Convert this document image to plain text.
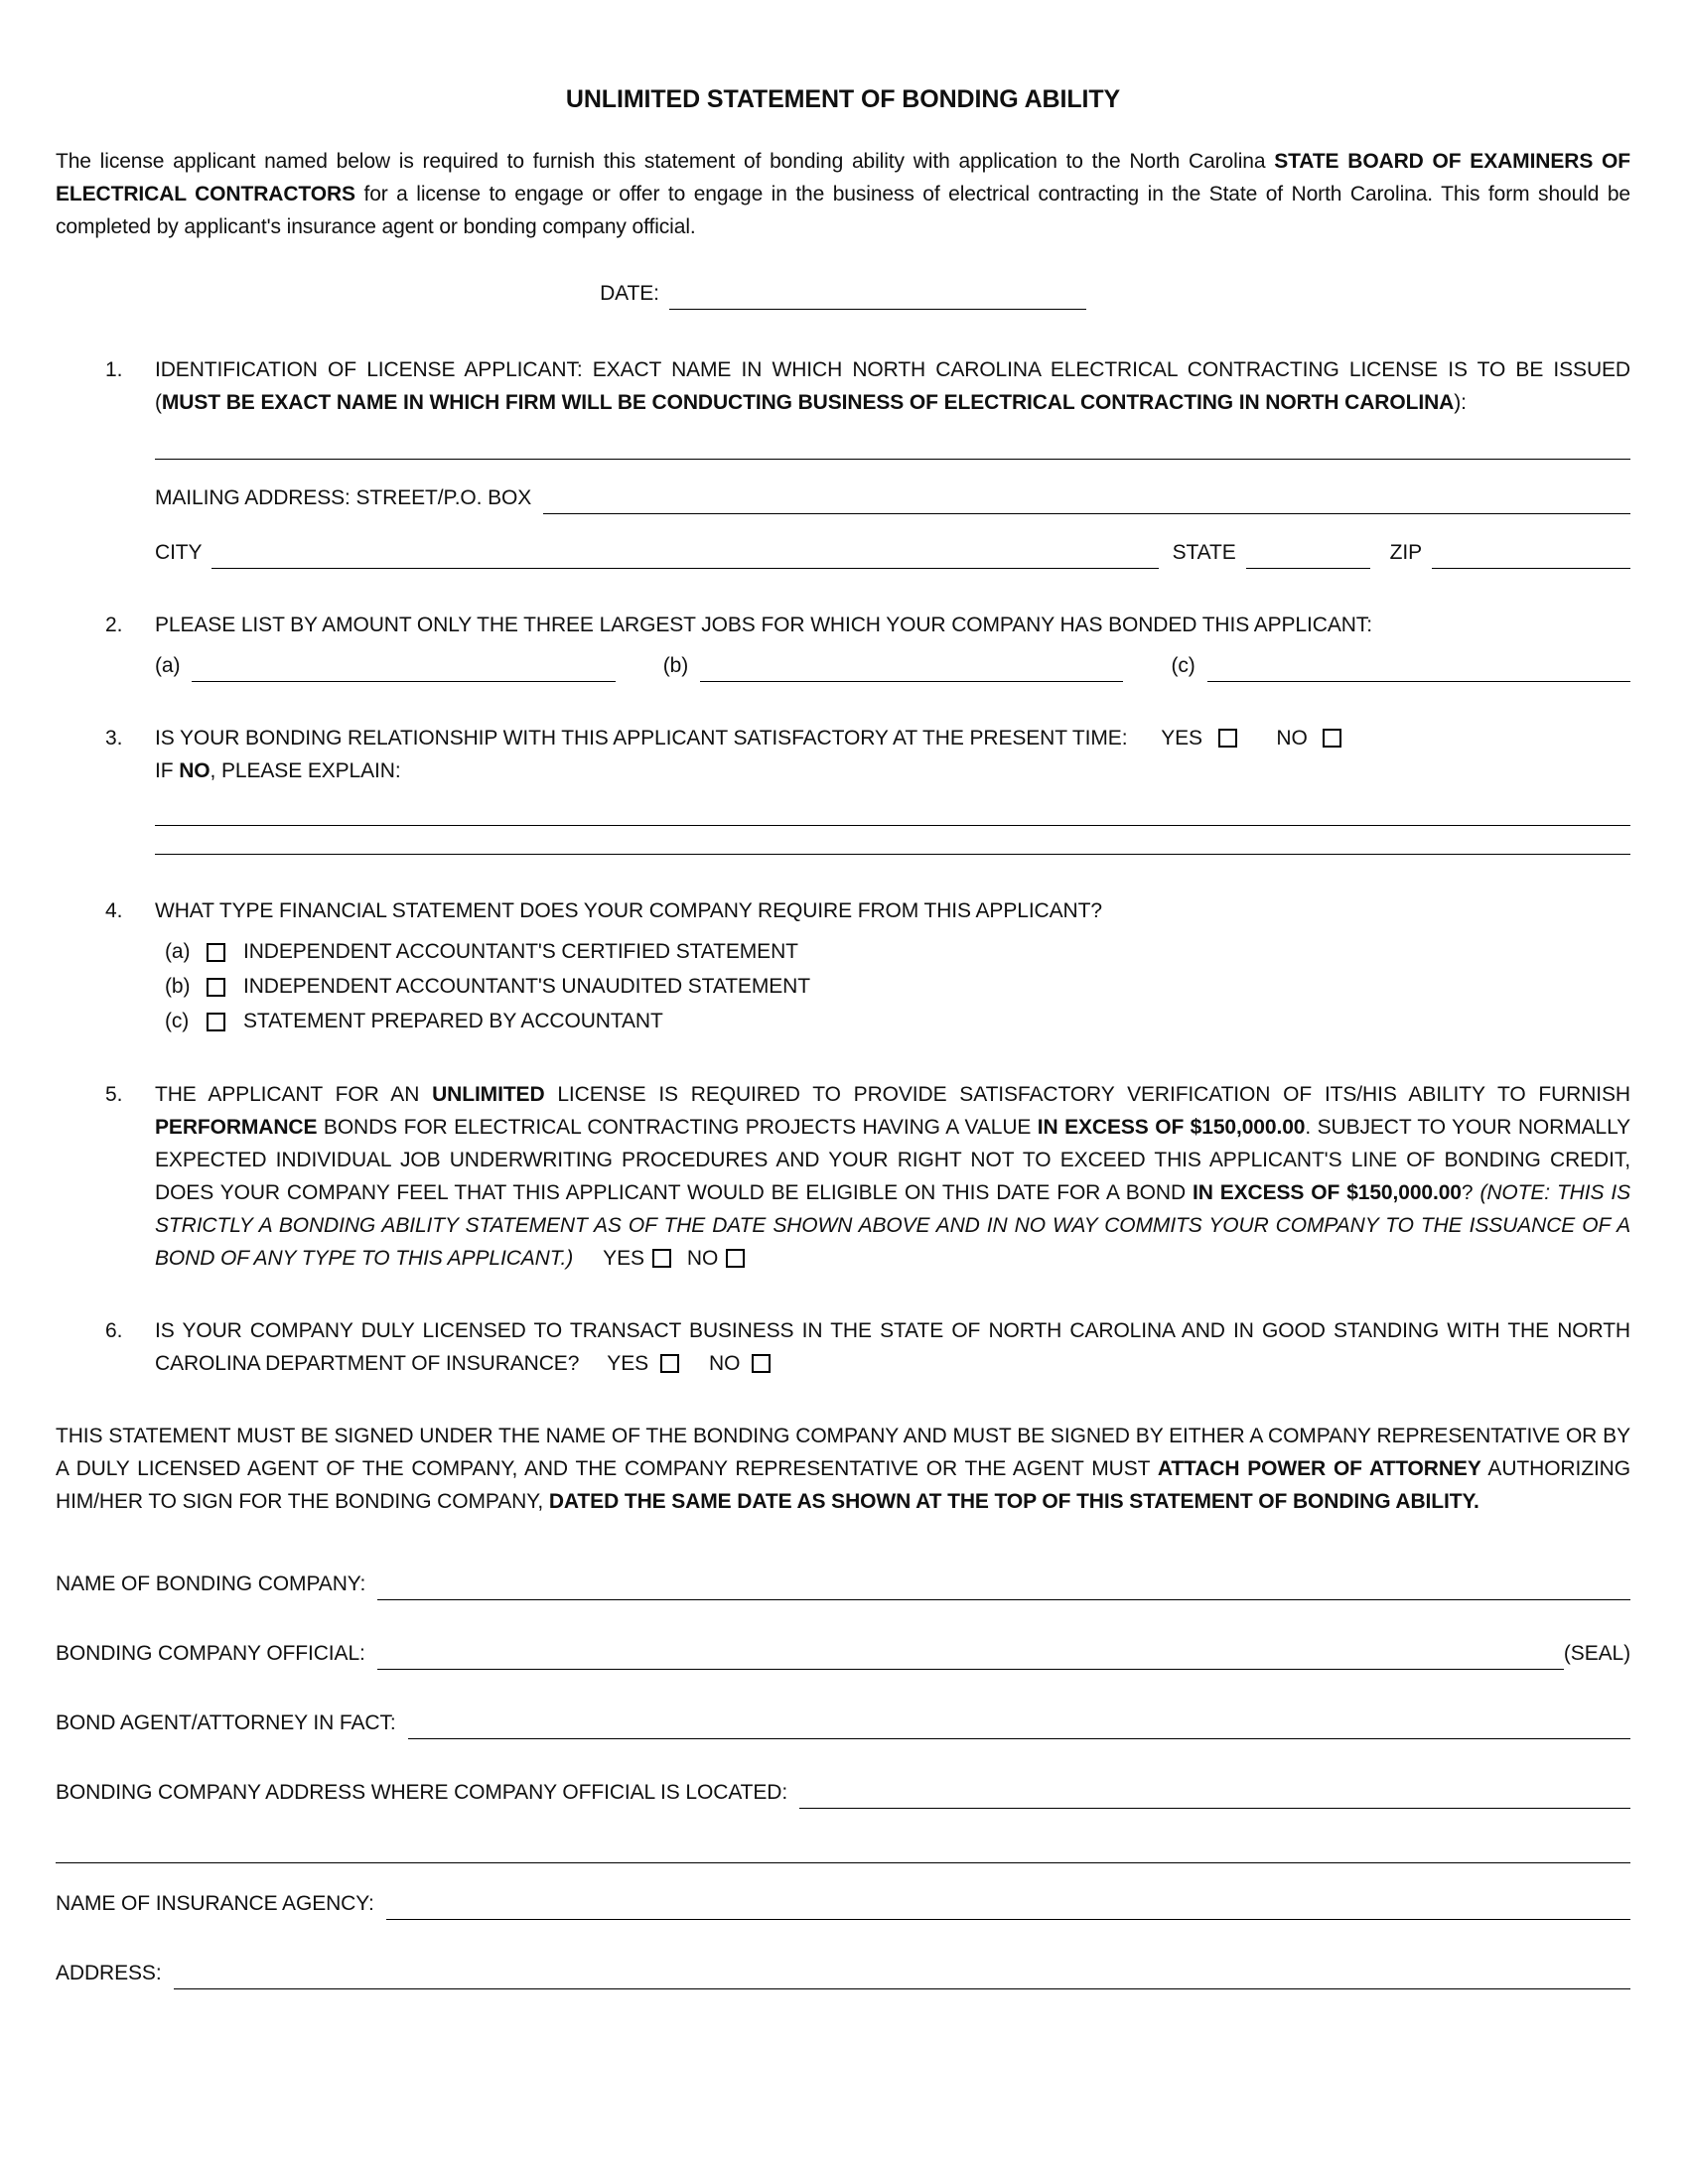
UNLIMITED STATEMENT OF BONDING ABILITY

The license applicant named below is required to furnish this statement of bonding ability with application to the North Carolina STATE BOARD OF EXAMINERS OF ELECTRICAL CONTRACTORS for a license to engage or offer to engage in the business of electrical contracting in the State of North Carolina. This form should be completed by applicant's insurance agent or bonding company official.

DATE:
1.	IDENTIFICATION OF LICENSE APPLICANT: EXACT NAME IN WHICH NORTH CAROLINA ELECTRICAL CONTRACTING LICENSE IS TO BE ISSUED (MUST BE EXACT NAME IN WHICH FIRM WILL BE CONDUCTING BUSINESS OF ELECTRICAL CONTRACTING IN NORTH CAROLINA):

MAILING ADDRESS: STREET/P.O. BOX
CITY	STATE	ZIP
2.	PLEASE LIST BY AMOUNT ONLY THE THREE LARGEST JOBS FOR WHICH YOUR COMPANY HAS BONDED THIS APPLICANT:

(a)	(b)	(c)
3.	IS YOUR BONDING RELATIONSHIP WITH THIS APPLICANT SATISFACTORY AT THE PRESENT TIME: YES	NO
IF NO, PLEASE EXPLAIN:
4.	WHAT TYPE FINANCIAL STATEMENT DOES YOUR COMPANY REQUIRE FROM THIS APPLICANT?

(a)	INDEPENDENT ACCOUNTANT'S CERTIFIED STATEMENT
(b)	INDEPENDENT ACCOUNTANT'S UNAUDITED STATEMENT
(c)	STATEMENT PREPARED BY ACCOUNTANT
5.	THE APPLICANT FOR AN UNLIMITED LICENSE IS REQUIRED TO PROVIDE SATISFACTORY VERIFICATION OF ITS/HIS ABILITY TO FURNISH PERFORMANCE BONDS FOR ELECTRICAL CONTRACTING PROJECTS HAVING A VALUE IN EXCESS OF $150,000.00. SUBJECT TO YOUR NORMALLY EXPECTED INDIVIDUAL JOB UNDERWRITING PROCEDURES AND YOUR RIGHT NOT TO EXCEED THIS APPLICANT'S LINE OF BONDING CREDIT, DOES YOUR COMPANY FEEL THAT THIS APPLICANT WOULD BE ELIGIBLE ON THIS DATE FOR A BOND IN EXCESS OF $150,000.00? (NOTE: THIS IS STRICTLY A BONDING ABILITY STATEMENT AS OF THE DATE SHOWN ABOVE AND IN NO WAY COMMITS YOUR COMPANY TO THE ISSUANCE OF A BOND OF ANY TYPE TO THIS APPLICANT.) YES NO

6.	IS YOUR COMPANY DULY LICENSED TO TRANSACT BUSINESS IN THE STATE OF NORTH CAROLINA AND IN GOOD STANDING WITH THE NORTH CAROLINA DEPARTMENT OF INSURANCE? YES	NO

THIS STATEMENT MUST BE SIGNED UNDER THE NAME OF THE BONDING COMPANY AND MUST BE SIGNED BY EITHER A COMPANY REPRESENTATIVE OR BY A DULY LICENSED AGENT OF THE COMPANY, AND THE COMPANY REPRESENTATIVE OR THE AGENT MUST ATTACH POWER OF ATTORNEY AUTHORIZING HIM/HER TO SIGN FOR THE BONDING COMPANY, DATED THE SAME DATE AS SHOWN AT THE TOP OF THIS STATEMENT OF BONDING ABILITY.

NAME OF BONDING COMPANY:
BONDING COMPANY OFFICIAL:	(SEAL)
BOND AGENT/ATTORNEY IN FACT:
BONDING COMPANY ADDRESS WHERE COMPANY OFFICIAL IS LOCATED:
NAME OF INSURANCE AGENCY:
ADDRESS:
